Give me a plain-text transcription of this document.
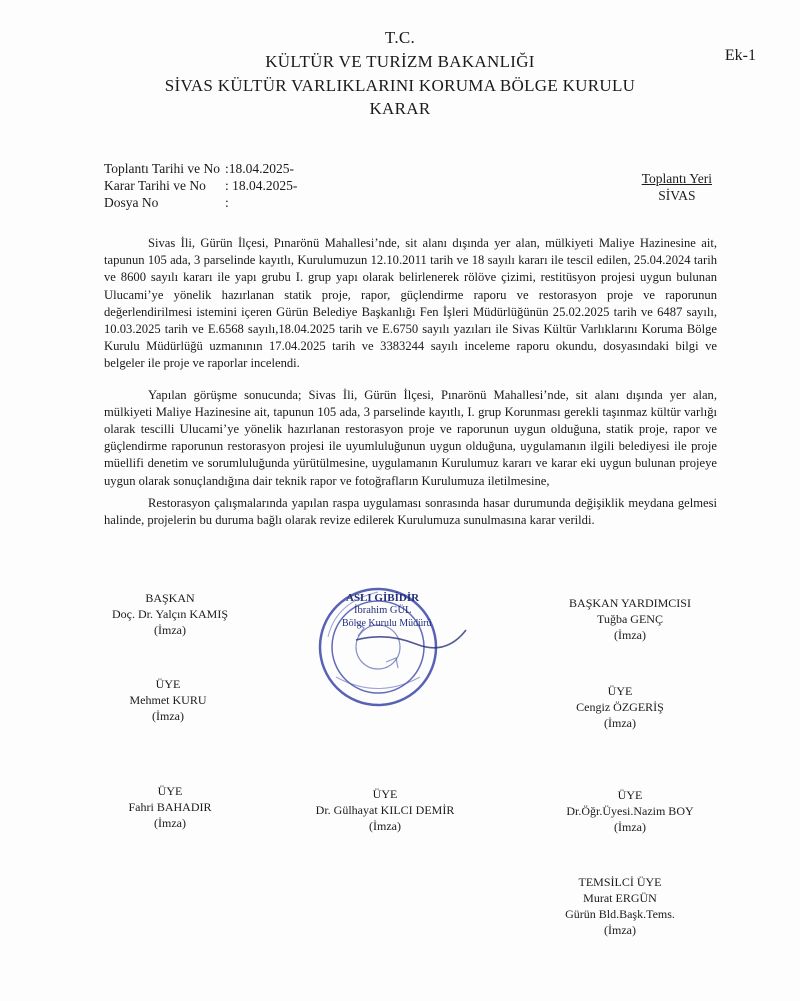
Ek-1
T.C.
KÜLTÜR VE TURİZM BAKANLIĞI
SİVAS KÜLTÜR VARLIKLARINI KORUMA BÖLGE KURULU
KARAR
Toplantı Tarihi ve No :18.04.2025-
Karar Tarihi ve No : 18.04.2025-
Dosya No	:
Toplantı Yeri
SİVAS

Sivas İli, Gürün İlçesi, Pınarönü Mahallesi’nde, sit alanı dışında yer alan, mülkiyeti Maliye Hazinesine ait, tapunun 105 ada, 3 parselinde kayıtlı, Kurulumuzun 12.10.2011 tarih ve 18 sayılı kararı ile tescil edilen, 25.04.2024 tarih ve 8600 sayılı kararı ile yapı grubu I. grup yapı olarak belirlenerek rölöve çizimi, restitüsyon projesi uygun bulunan Ulucami’ye yönelik hazırlanan statik proje, rapor, güçlendirme raporu ve restorasyon proje ve raporunun değerlendirilmesi istemini içeren Gürün Belediye Başkanlığı Fen İşleri Müdürlüğünün 25.02.2025 tarih ve 6487 sayılı, 10.03.2025 tarih ve E.6568 sayılı,18.04.2025 tarih ve E.6750 sayılı yazıları ile Sivas Kültür Varlıklarını Koruma Bölge Kurulu Müdürlüğü uzmanının 17.04.2025 tarih ve 3383244 sayılı inceleme raporu okundu, dosyasındaki bilgi ve belgeler ile proje ve raporlar incelendi.

Yapılan görüşme sonucunda; Sivas İli, Gürün İlçesi, Pınarönü Mahallesi’nde, sit alanı dışında yer alan, mülkiyeti Maliye Hazinesine ait, tapunun 105 ada, 3 parselinde kayıtlı, I. grup Korunması gerekli taşınmaz kültür varlığı olarak tescilli Ulucami’ye yönelik hazırlanan restorasyon proje ve raporunun uygun olduğuna, statik proje, rapor ve güçlendirme raporunun restorasyon projesi ile uyumluluğunun uygun olduğuna, uygulamanın ilgili belediyesi ile proje müellifi denetim ve sorumluluğunda yürütülmesine, uygulamanın Kurulumuz kararı ve karar eki uygun bulunan projeye uygun olarak sonuçlandığına dair teknik rapor ve fotoğrafların Kurulumuza iletilmesine,

Restorasyon çalışmalarında yapılan raspa uygulaması sonrasında hasar durumunda değişiklik meydana gelmesi halinde, projelerin bu duruma bağlı olarak revize edilerek Kurulumuza sunulmasına karar verildi.

ASLI GİBİDİR
İbrahim GÜL
Bölge Kurulu Müdürü
BAŞKAN
Doç. Dr. Yalçın KAMIŞ
(İmza)
BAŞKAN YARDIMCISI
Tuğba GENÇ
(İmza)
ÜYE
Mehmet KURU
(İmza)
ÜYE
Cengiz ÖZGERİŞ
(İmza)
ÜYE
Fahri BAHADIR
(İmza)
ÜYE
Dr. Gülhayat KILCI DEMİR
(İmza)
ÜYE
Dr.Öğr.Üyesi.Nazim BOY
(İmza)
TEMSİLCİ ÜYE
Murat ERGÜN
Gürün Bld.Başk.Tems.
(İmza)
